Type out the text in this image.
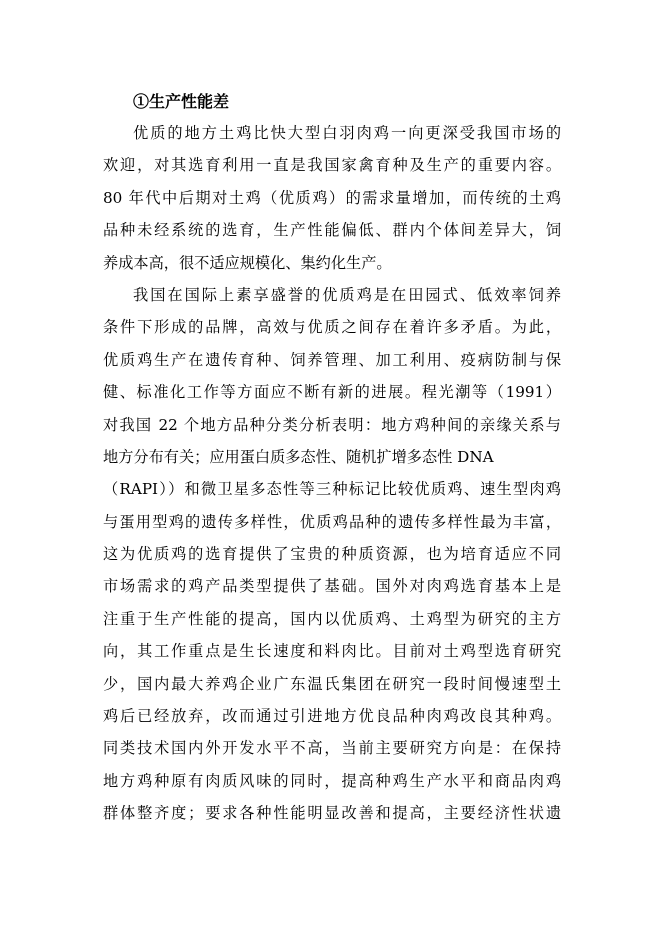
①生产性能差
优质的地方土鸡比快大型白羽肉鸡一向更深受我国市场的
欢迎，对其选育利用一直是我国家禽育种及生产的重要内容。
80 年代中后期对土鸡（优质鸡）的需求量增加，而传统的土鸡
品种未经系统的选育，生产性能偏低、群内个体间差异大，饲
养成本高，很不适应规模化、集约化生产。
我国在国际上素享盛誉的优质鸡是在田园式、低效率饲养
条件下形成的品牌，高效与优质之间存在着许多矛盾。为此，
优质鸡生产在遗传育种、饲养管理、加工利用、疫病防制与保
健、标准化工作等方面应不断有新的进展。程光潮等（1991）
对我国 22 个地方品种分类分析表明：地方鸡种间的亲缘关系与
地方分布有关；应用蛋白质多态性、随机扩增多态性 DNA
（RAPI））和微卫星多态性等三种标记比较优质鸡、速生型肉鸡
与蛋用型鸡的遗传多样性，优质鸡品种的遗传多样性最为丰富，
这为优质鸡的选育提供了宝贵的种质资源，也为培育适应不同
市场需求的鸡产品类型提供了基础。国外对肉鸡选育基本上是
注重于生产性能的提高，国内以优质鸡、土鸡型为研究的主方
向，其工作重点是生长速度和料肉比。目前对土鸡型选育研究
少，国内最大养鸡企业广东温氏集团在研究一段时间慢速型土
鸡后已经放弃，改而通过引进地方优良品种肉鸡改良其种鸡。
同类技术国内外开发水平不高，当前主要研究方向是：在保持
地方鸡种原有肉质风味的同时，提高种鸡生产水平和商品肉鸡
群体整齐度；要求各种性能明显改善和提高，主要经济性状遗
